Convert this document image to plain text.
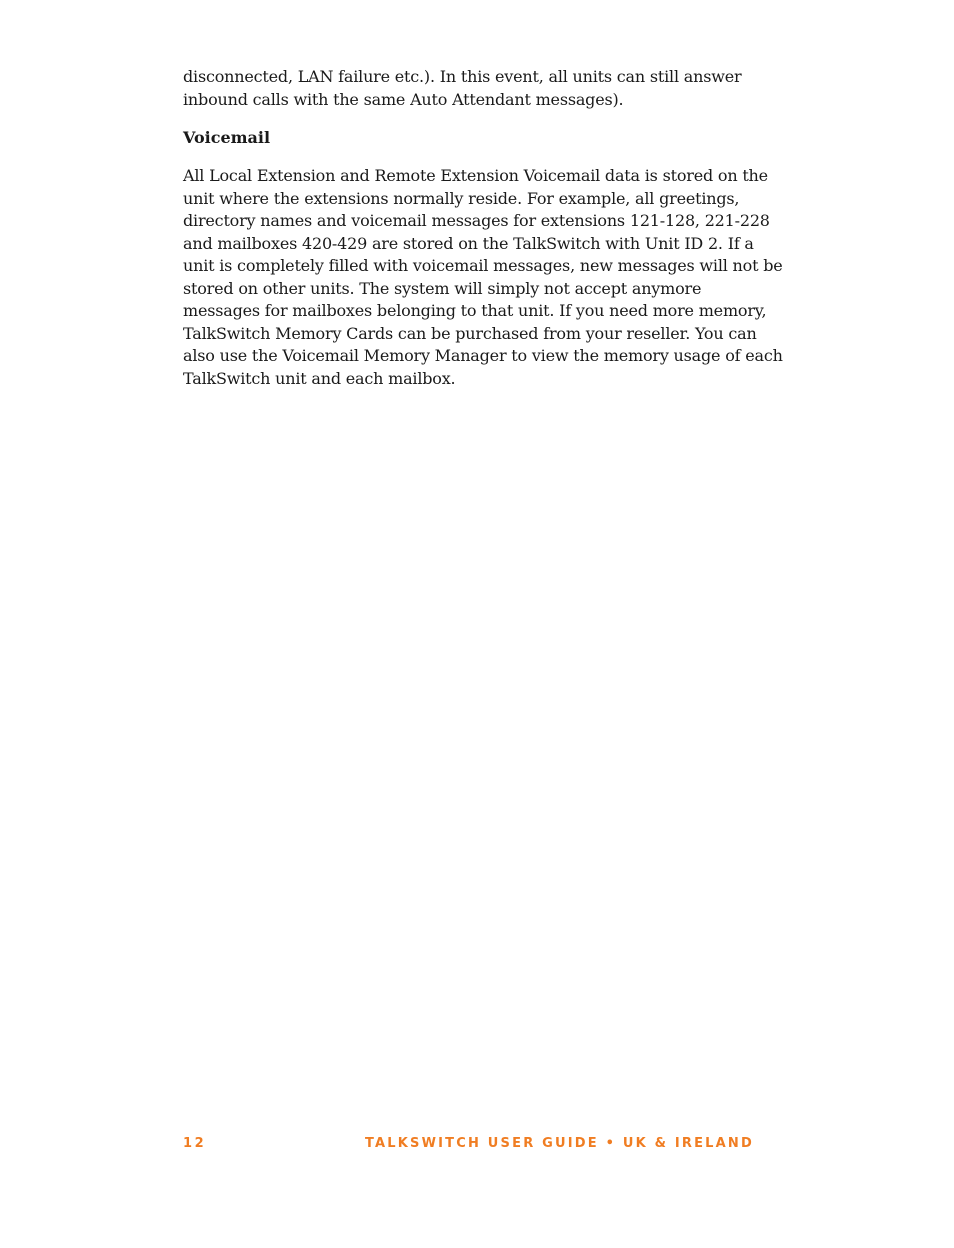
disconnected, LAN failure etc.). In this event, all units can still answer inbound calls with the same Auto Attendant messages).

Voicemail

All Local Extension and Remote Extension Voicemail data is stored on the unit where the extensions normally reside. For example, all greetings, directory names and voicemail messages for extensions 121-128, 221-228 and mailboxes 420-429 are stored on the TalkSwitch with Unit ID 2. If a unit is completely filled with voicemail messages, new messages will not be stored on other units. The system will simply not accept anymore messages for mailboxes belonging to that unit. If you need more memory, TalkSwitch Memory Cards can be purchased from your reseller. You can also use the Voicemail Memory Manager to view the memory usage of each TalkSwitch unit and each mailbox.

12	TALKSWITCH USER GUIDE • UK & IRELAND
